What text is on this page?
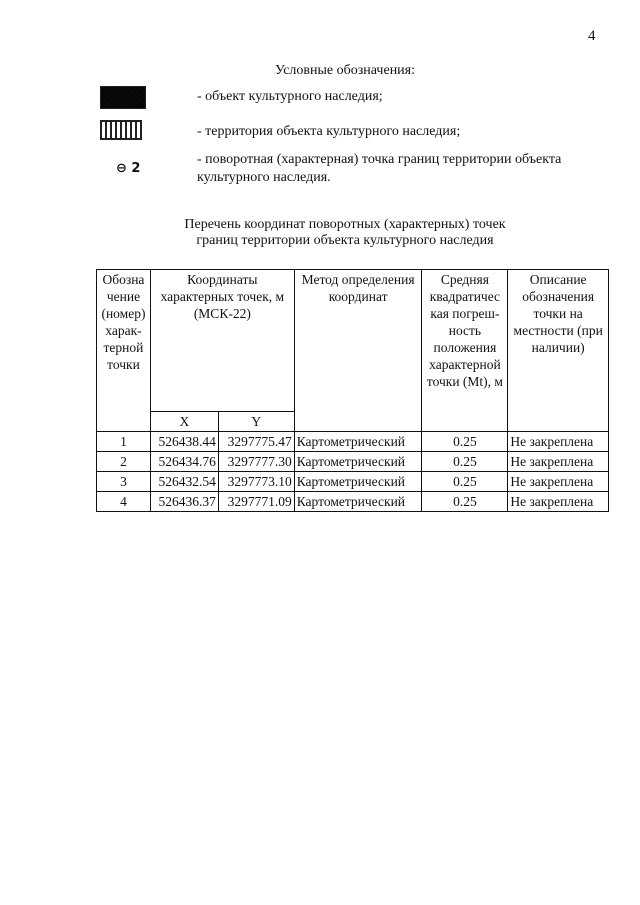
4
Условные обозначения:
- объект культурного наследия;
- территория объекта культурного наследия;
⊖ 2
- поворотная (характерная) точка границ территории объекта культурного наследия.
Перечень координат поворотных (характерных) точек
границ территории объекта культурного наследия
Обозна чение (номер) харак- терной точки	Координаты характерных точек, м (МСК-22)		Метод определения координат	Средняя квадратичес кая погреш- ность положения характерной точки (Mt), м	Описание обозначения точки на местности (при наличии)
	X	Y			
1	526438.44	3297775.47	Картометрический	0.25	Не закреплена
2	526434.76	3297777.30	Картометрический	0.25	Не закреплена
3	526432.54	3297773.10	Картометрический	0.25	Не закреплена
4	526436.37	3297771.09	Картометрический	0.25	Не закреплена
